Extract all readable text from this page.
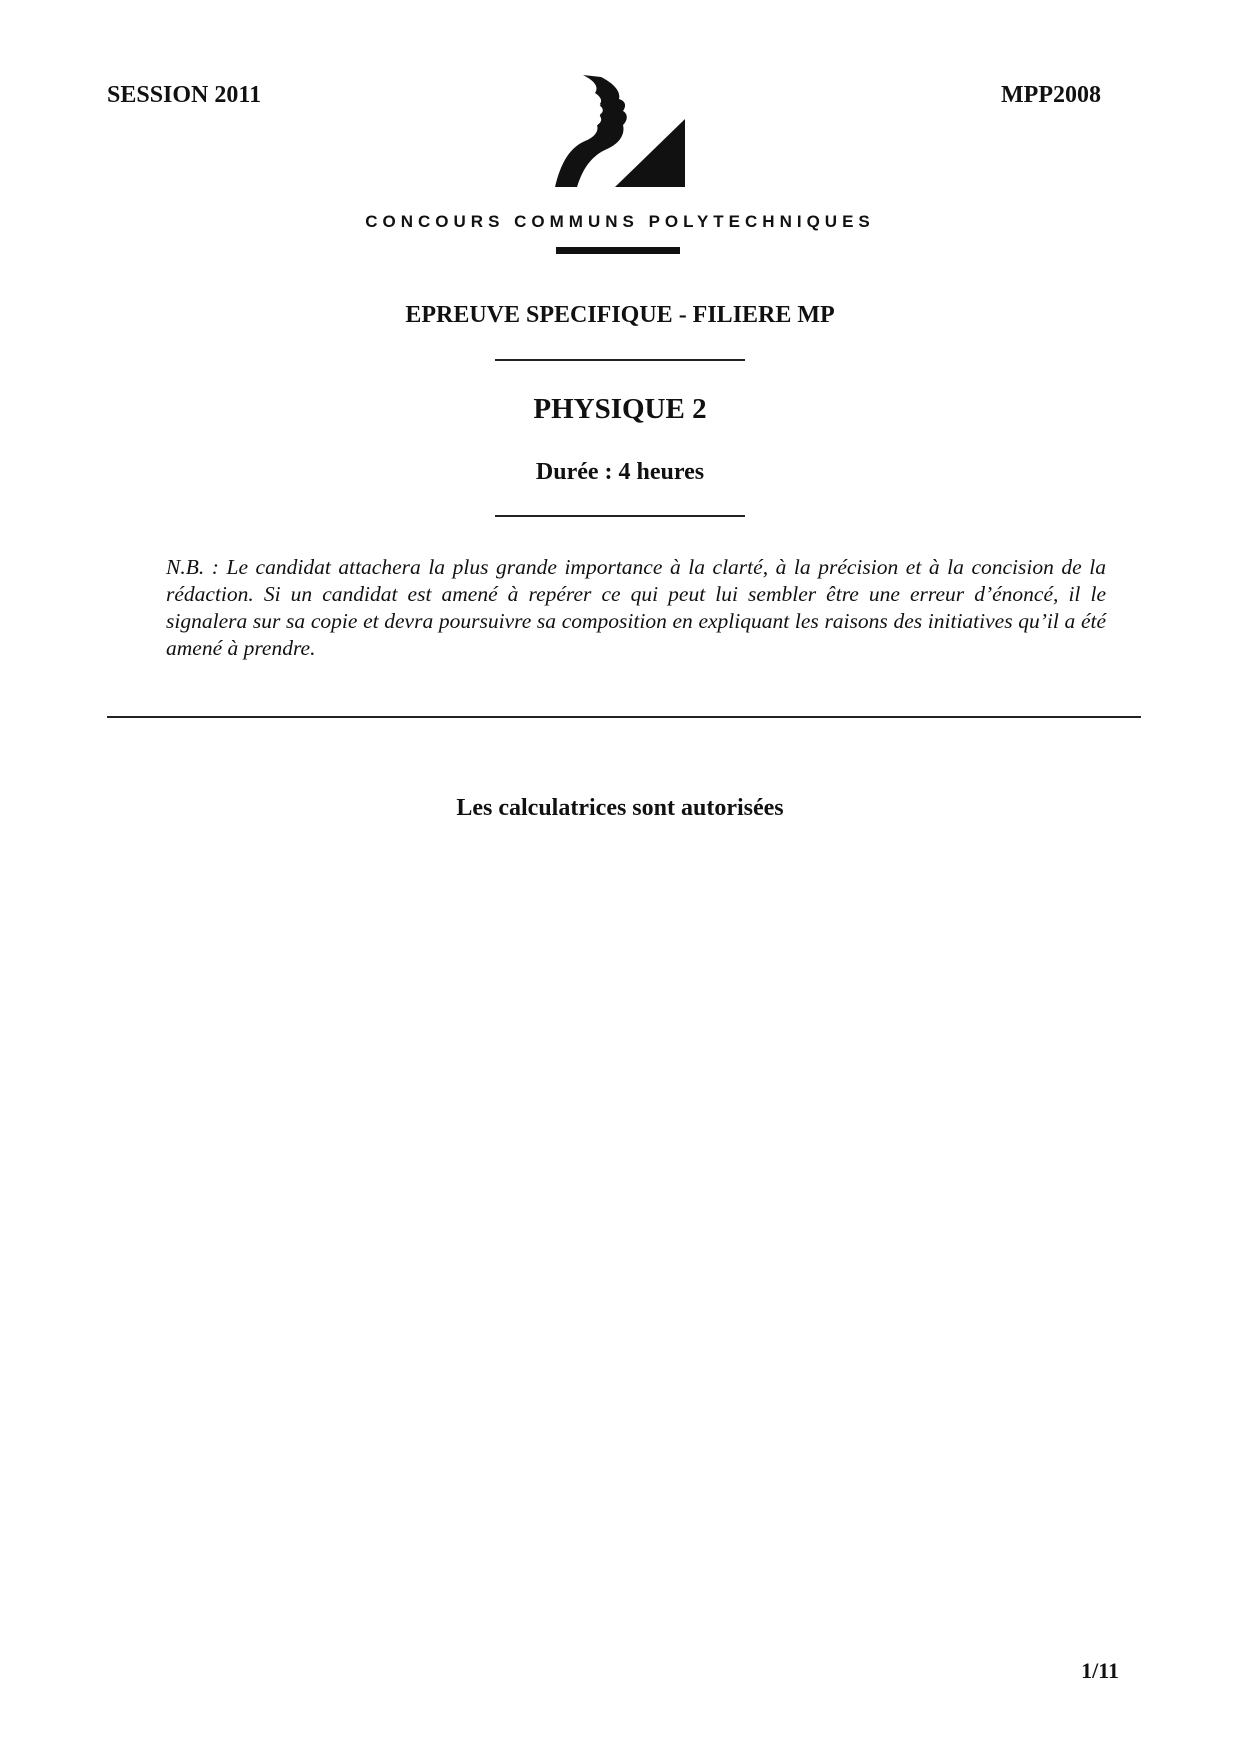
SESSION 2011	MPP2008
CONCOURS COMMUNS POLYTECHNIQUES
EPREUVE SPECIFIQUE - FILIERE MP
PHYSIQUE 2
Durée : 4 heures
N.B. : Le candidat attachera la plus grande importance à la clarté, à la précision et à la concision de la rédaction. Si un candidat est amené à repérer ce qui peut lui sembler être une erreur d’énoncé, il le signalera sur sa copie et devra poursuivre sa composition en expliquant les raisons des initiatives qu’il a été amené à prendre.
Les calculatrices sont autorisées
1/11
